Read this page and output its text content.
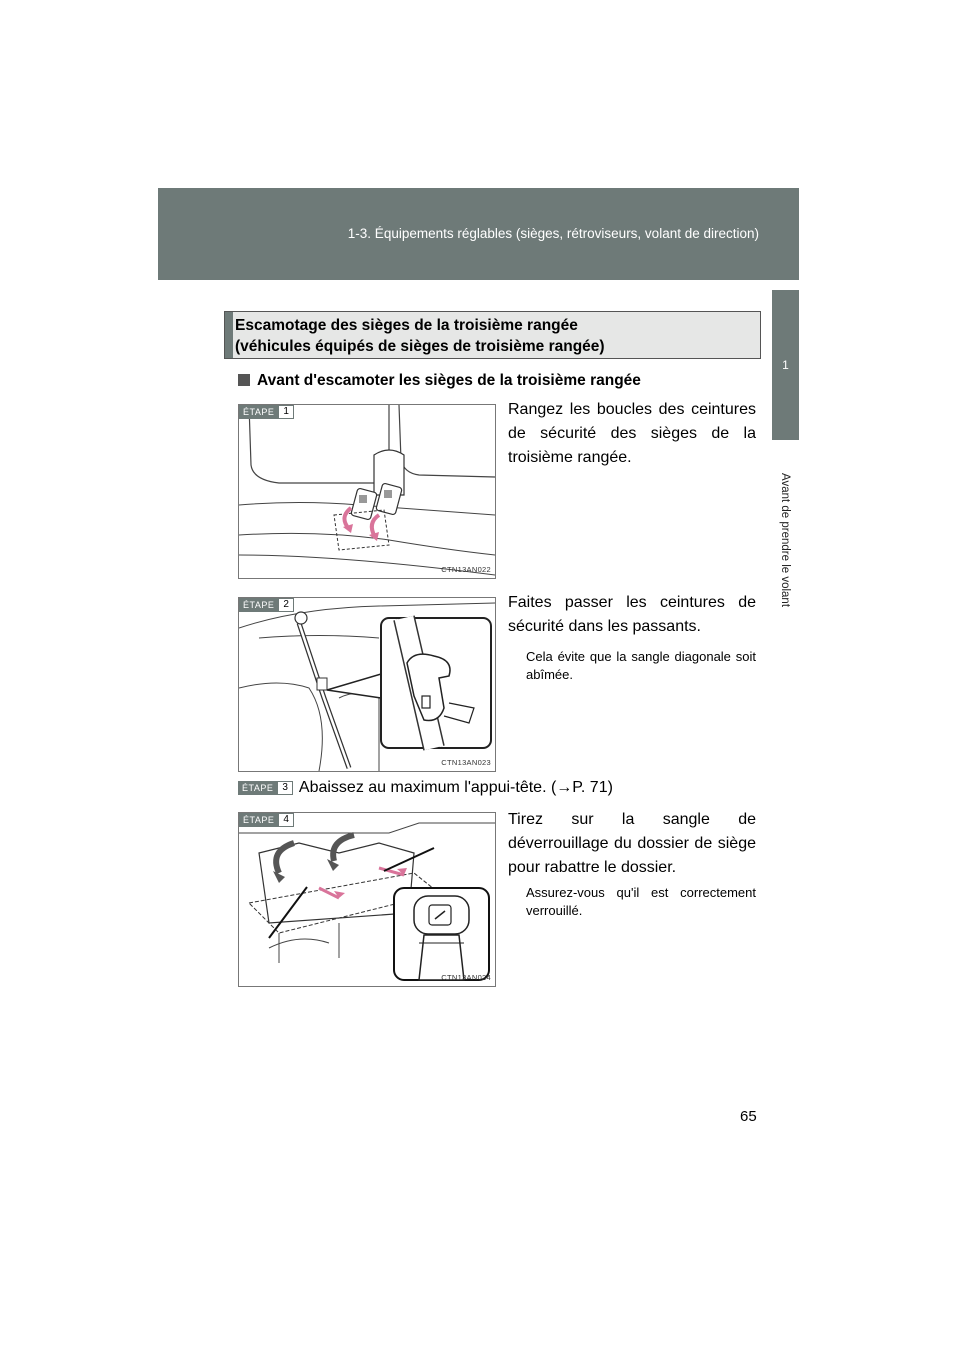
1-3. Équipements réglables (sièges, rétroviseurs, volant de direction)
1
Avant de prendre le volant
Escamotage des sièges de la troisième rangée
(véhicules équipés de sièges de troisième rangée)
Avant d'escamoter les sièges de la troisième rangée
ÉTAPE 1
CTN13AN022
Rangez les boucles des ceintures de sécurité des sièges de la troisième rangée.
ÉTAPE 2
CTN13AN023
Faites passer les ceintures de sécurité dans les passants.
Cela évite que la sangle diagonale soit abîmée.
ÉTAPE 3 Abaissez au maximum l'appui-tête. (→P. 71)
ÉTAPE 4
CTN13AN024
Tirez sur la sangle de déverrouillage du dossier de siège pour rabattre le dossier.
Assurez-vous qu'il est correctement verrouillé.
65
